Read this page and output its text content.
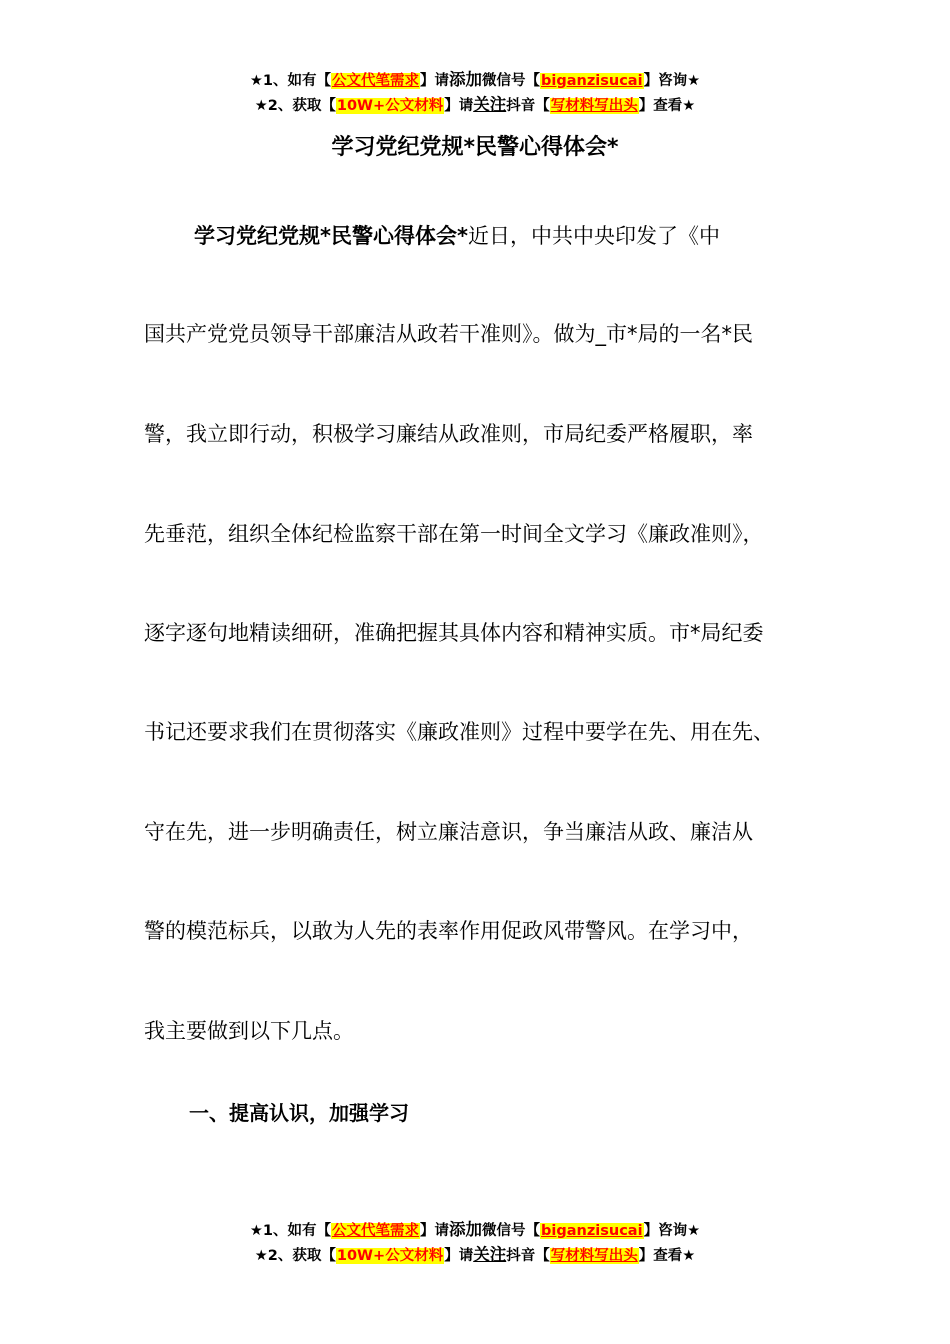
★1、如有【公文代笔需求】请添加微信号【biganzisucai】咨询★
★2、获取【10W+公文材料】请关注抖音【写材料写出头】查看★
学习党纪党规*民警心得体会*
学习党纪党规*民警心得体会*近日，中共中央印发了《中
国共产党党员领导干部廉洁从政若干准则》。做为_市*局的一名*民
警，我立即行动，积极学习廉结从政准则，市局纪委严格履职，率
先垂范，组织全体纪检监察干部在第一时间全文学习《廉政准则》，
逐字逐句地精读细研，准确把握其具体内容和精神实质。市*局纪委
书记还要求我们在贯彻落实《廉政准则》过程中要学在先、用在先、
守在先，进一步明确责任，树立廉洁意识，争当廉洁从政、廉洁从
警的模范标兵，以敢为人先的表率作用促政风带警风。在学习中，
我主要做到以下几点。
一、提高认识，加强学习
★1、如有【公文代笔需求】请添加微信号【biganzisucai】咨询★
★2、获取【10W+公文材料】请关注抖音【写材料写出头】查看★
